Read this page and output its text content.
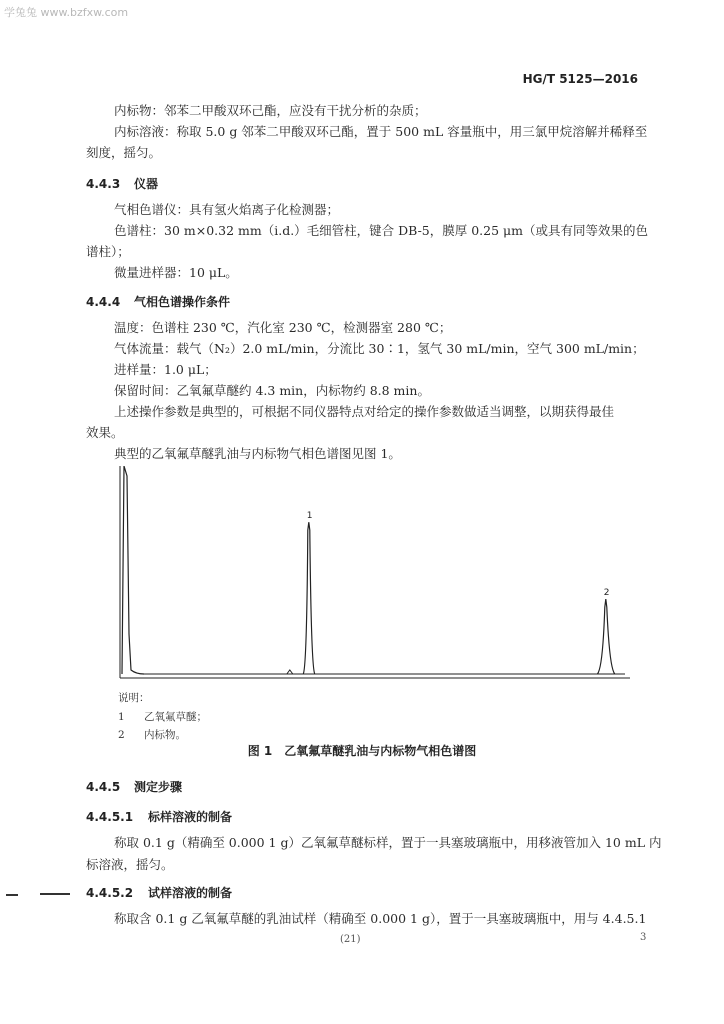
学兔兔 www.bzfxw.com
HG/T 5125—2016
内标物：邻苯二甲酸双环己酯，应没有干扰分析的杂质；
内标溶液：称取 5.0 g 邻苯二甲酸双环己酯，置于 500 mL 容量瓶中，用三氯甲烷溶解并稀释至
刻度，摇匀。
4.4.3 仪器
气相色谱仪：具有氢火焰离子化检测器；
色谱柱：30 m×0.32 mm（i.d.）毛细管柱，键合 DB-5，膜厚 0.25 μm（或具有同等效果的色
谱柱）；
微量进样器：10 μL。
4.4.4 气相色谱操作条件
温度：色谱柱 230 ℃，汽化室 230 ℃，检测器室 280 ℃；
气体流量：载气（N₂）2.0 mL/min，分流比 30∶1，氢气 30 mL/min，空气 300 mL/min；
进样量：1.0 μL；
保留时间：乙氧氟草醚约 4.3 min，内标物约 8.8 min。
上述操作参数是典型的，可根据不同仪器特点对给定的操作参数做适当调整，以期获得最佳
效果。
典型的乙氧氟草醚乳油与内标物气相色谱图见图 1。
1
2
说明：
1 乙氧氟草醚；
2 内标物。
图 1　乙氧氟草醚乳油与内标物气相色谱图
4.4.5 测定步骤
4.4.5.1 标样溶液的制备
称取 0.1 g（精确至 0.000 1 g）乙氧氟草醚标样，置于一具塞玻璃瓶中，用移液管加入 10 mL 内
标溶液，摇匀。
4.4.5.2 试样溶液的制备
称取含 0.1 g 乙氧氟草醚的乳油试样（精确至 0.000 1 g），置于一具塞玻璃瓶中，用与 4.4.5.1
(21)	3
